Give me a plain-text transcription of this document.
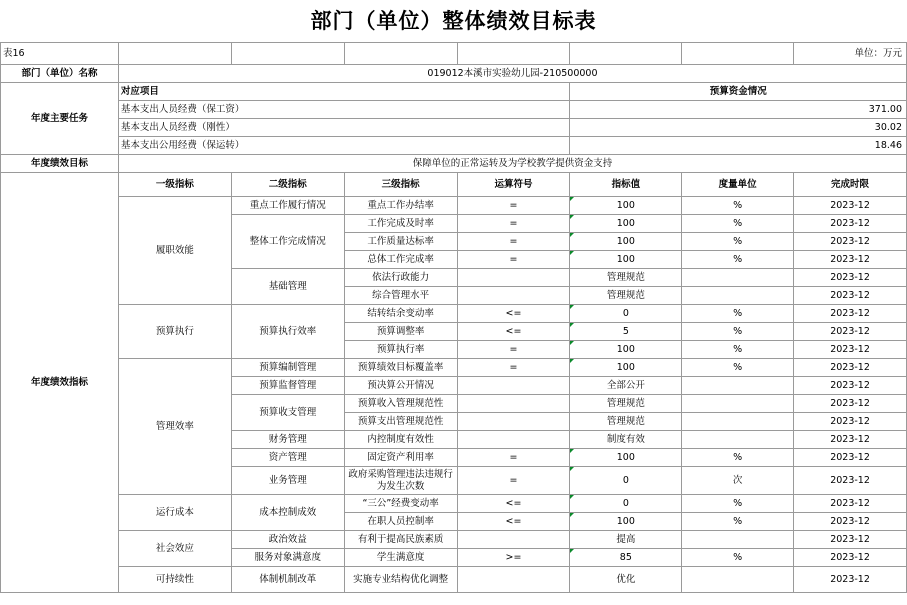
部门（单位）整体绩效目标表
表16							单位：万元
部门（单位）名称	019012本溪市实验幼儿园-210500000						
年度主要任务	对应项目				预算资金情况		
	基本支出人员经费（保工资）				371.00		
	基本支出人员经费（刚性）				30.02		
	基本支出公用经费（保运转）				18.46		
年度绩效目标	保障单位的正常运转及为学校教学提供资金支持						
年度绩效指标	一级指标	二级指标	三级指标	运算符号	指标值	度量单位	完成时限
	履职效能	重点工作履行情况	重点工作办结率	=	100	%	2023-12
		整体工作完成情况	工作完成及时率	=	100	%	2023-12
			工作质量达标率	=	100	%	2023-12
			总体工作完成率	=	100	%	2023-12
		基础管理	依法行政能力		管理规范		2023-12
			综合管理水平		管理规范		2023-12
	预算执行	预算执行效率	结转结余变动率	<=	0	%	2023-12
			预算调整率	<=	5	%	2023-12
			预算执行率	=	100	%	2023-12
	管理效率	预算编制管理	预算绩效目标覆盖率	=	100	%	2023-12
		预算监督管理	预决算公开情况		全部公开		2023-12
		预算收支管理	预算收入管理规范性		管理规范		2023-12
			预算支出管理规范性		管理规范		2023-12
		财务管理	内控制度有效性		制度有效		2023-12
		资产管理	固定资产利用率	=	100	%	2023-12
		业务管理	政府采购管理违法违规行为发生次数	=	0	次	2023-12
	运行成本	成本控制成效	“三公”经费变动率	<=	0	%	2023-12
			在职人员控制率	<=	100	%	2023-12
	社会效应	政治效益	有利于提高民族素质		提高		2023-12
		服务对象满意度	学生满意度	>=	85	%	2023-12
	可持续性	体制机制改革	实施专业结构优化调整		优化		2023-12
